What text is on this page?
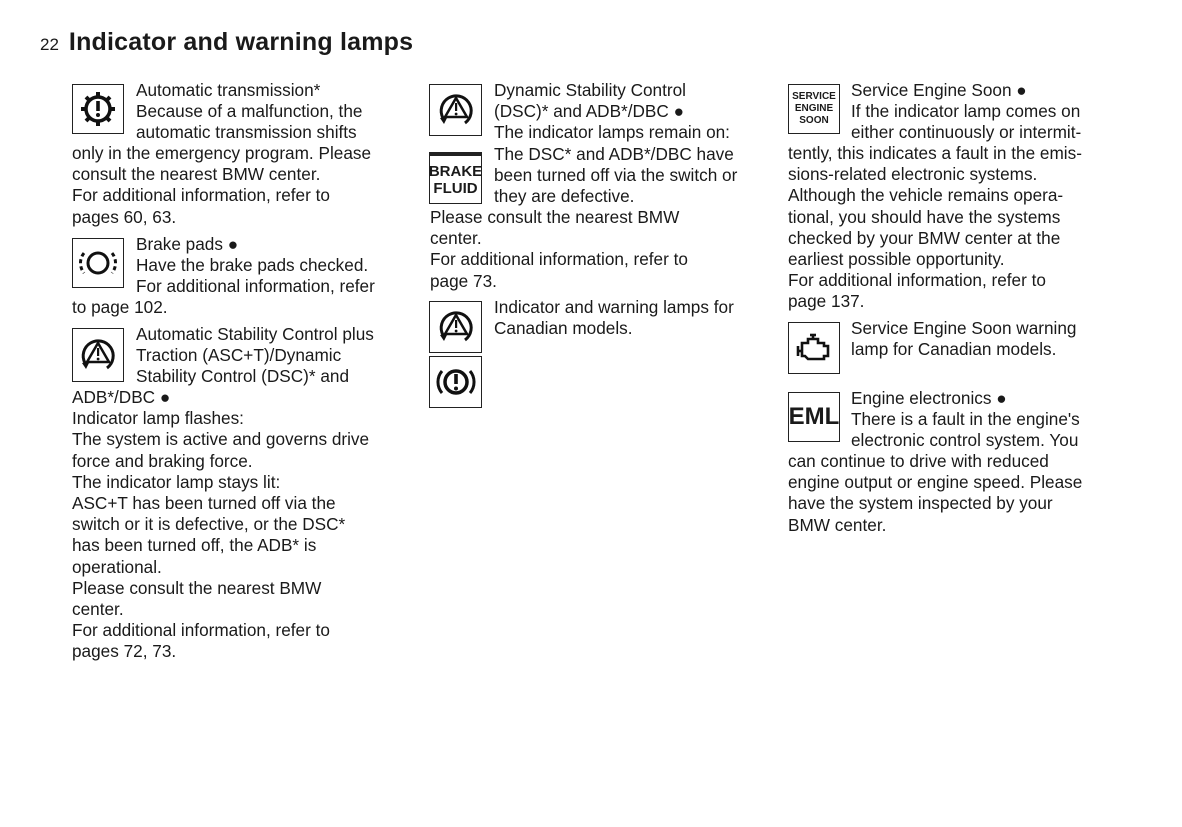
22 Indicator and warning lamps

Automatic transmission*

Because of a malfunction, the

automatic transmission shifts

only in the emergency program. Please

consult the nearest BMW center.

For additional information, refer to

pages 60, 63.

Brake pads ●

Have the brake pads checked.

For additional information, refer

to page 102.

Automatic Stability Control plus

Traction (ASC+T)/Dynamic

Stability Control (DSC)* and

ADB*/DBC ●

Indicator lamp flashes:

The system is active and governs drive

force and braking force.

The indicator lamp stays lit:

ASC+T has been turned off via the

switch or it is defective, or the DSC*

has been turned off, the ADB* is

operational.

Please consult the nearest BMW

center.

For additional information, refer to

pages 72, 73.

BRAKE
FLUID

Dynamic Stability Control

(DSC)* and ADB*/DBC ●

The indicator lamps remain on:

The DSC* and ADB*/DBC have

been turned off via the switch or

they are defective.

Please consult the nearest BMW

center.

For additional information, refer to

page 73.

Indicator and warning lamps for

Canadian models.

SERVICE
ENGINE
SOON

Service Engine Soon ●

If the indicator lamp comes on

either continuously or intermit-

tently, this indicates a fault in the emis-

sions-related electronic systems.

Although the vehicle remains opera-

tional, you should have the systems

checked by your BMW center at the

earliest possible opportunity.

For additional information, refer to

page 137.

Service Engine Soon warning

lamp for Canadian models.

EML

Engine electronics ●

There is a fault in the engine's

electronic control system. You

can continue to drive with reduced

engine output or engine speed. Please

have the system inspected by your

BMW center.
